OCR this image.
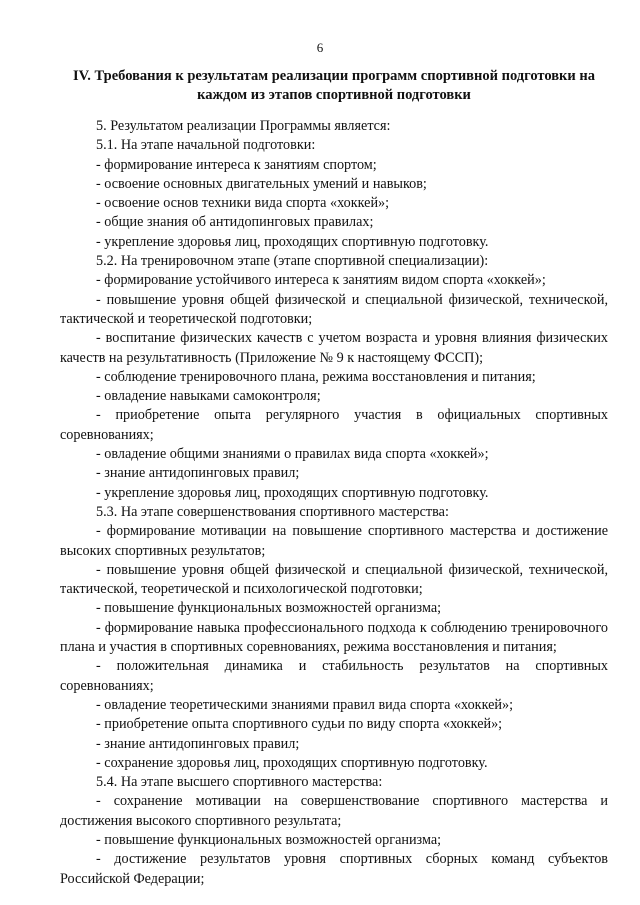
6
IV. Требования к результатам реализации программ спортивной подготовки на каждом из этапов спортивной подготовки

5. Результатом реализации Программы является:

5.1. На этапе начальной подготовки:

- формирование интереса к занятиям спортом;

- освоение основных двигательных умений и навыков;

- освоение основ техники вида спорта «хоккей»;

- общие знания об антидопинговых правилах;

- укрепление здоровья лиц, проходящих спортивную подготовку.

5.2. На тренировочном этапе (этапе спортивной специализации):

- формирование устойчивого интереса к занятиям видом спорта «хоккей»;

- повышение уровня общей физической и специальной физической, технической, тактической и теоретической подготовки;

- воспитание физических качеств с учетом возраста и уровня влияния физических качеств на результативность (Приложение № 9 к настоящему ФССП);

- соблюдение тренировочного плана, режима восстановления и питания;

- овладение навыками самоконтроля;

- приобретение опыта регулярного участия в официальных спортивных соревнованиях;

- овладение общими знаниями о правилах вида спорта «хоккей»;

- знание антидопинговых правил;

- укрепление здоровья лиц, проходящих спортивную подготовку.

5.3. На этапе совершенствования спортивного мастерства:

- формирование мотивации на повышение спортивного мастерства и достижение высоких спортивных результатов;

- повышение уровня общей физической и специальной физической, технической, тактической, теоретической и психологической подготовки;

- повышение функциональных возможностей организма;

- формирование навыка профессионального подхода к соблюдению тренировочного плана и участия в спортивных соревнованиях, режима восстановления и питания;

- положительная динамика и стабильность результатов на спортивных соревнованиях;

- овладение теоретическими знаниями правил вида спорта «хоккей»;

- приобретение опыта спортивного судьи по виду спорта «хоккей»;

- знание антидопинговых правил;

- сохранение здоровья лиц, проходящих спортивную подготовку.

5.4. На этапе высшего спортивного мастерства:

- сохранение мотивации на совершенствование спортивного мастерства и достижения высокого спортивного результата;

- повышение функциональных возможностей организма;

- достижение результатов уровня спортивных сборных команд субъектов Российской Федерации;
